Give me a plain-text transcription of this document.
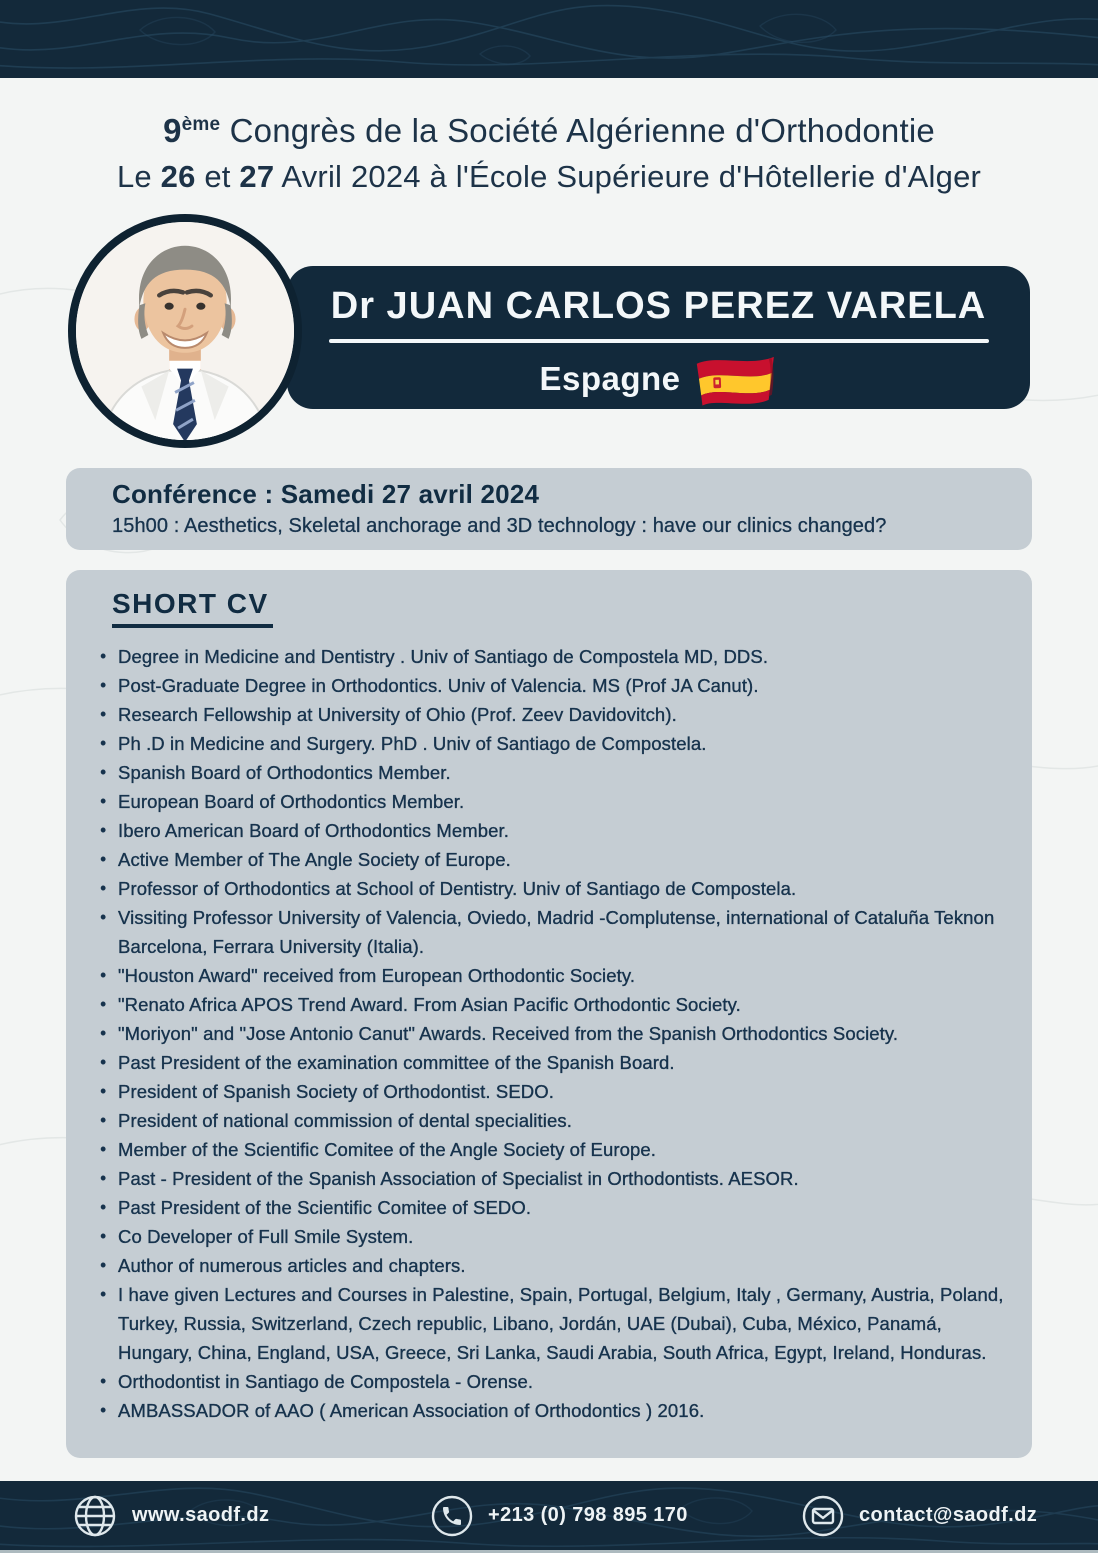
9ème Congrès de la Société Algérienne d'Orthodontie
Le 26 et 27 Avril 2024 à l'École Supérieure d'Hôtellerie d'Alger
Dr JUAN CARLOS PEREZ VARELA
Espagne
Conférence : Samedi 27 avril 2024
15h00 : Aesthetics, Skeletal anchorage and 3D technology : have our clinics changed?
SHORT CV
• Degree in Medicine and Dentistry . Univ of Santiago de Compostela MD, DDS.
• Post-Graduate Degree in Orthodontics. Univ of Valencia. MS (Prof JA Canut).
• Research Fellowship at University of Ohio (Prof. Zeev Davidovitch).
• Ph .D in Medicine and Surgery. PhD . Univ of Santiago de Compostela.
• Spanish Board of Orthodontics Member.
• European Board of Orthodontics Member.
• Ibero American Board of Orthodontics Member.
• Active Member of The Angle Society of Europe.
• Professor of Orthodontics at School of Dentistry. Univ of Santiago de Compostela.
• Vissiting Professor University of Valencia, Oviedo, Madrid -Complutense, international of Cataluña Teknon Barcelona, Ferrara University (Italia).
• "Houston Award" received from European Orthodontic Society.
• "Renato Africa APOS Trend Award. From Asian Pacific Orthodontic Society.
• "Moriyon" and "Jose Antonio Canut" Awards. Received from the Spanish Orthodontics Society.
• Past President of the examination committee of the Spanish Board.
• President of Spanish Society of Orthodontist. SEDO.
• President of national commission of dental specialities.
• Member of the Scientific Comitee of the Angle Society of Europe.
• Past - President of the Spanish Association of Specialist in Orthodontists. AESOR.
• Past President of the Scientific Comitee of SEDO.
• Co Developer of Full Smile System.
• Author of numerous articles and chapters.
• I have given Lectures and Courses in Palestine, Spain, Portugal, Belgium, Italy , Germany, Austria, Poland, Turkey, Russia, Switzerland, Czech republic, Libano, Jordán, UAE (Dubai), Cuba, México, Panamá, Hungary, China, England, USA, Greece, Sri Lanka, Saudi Arabia, South Africa, Egypt, Ireland, Honduras.
• Orthodontist in Santiago de Compostela - Orense.
• AMBASSADOR of AAO ( American Association of Orthodontics ) 2016.
www.saodf.dz	+213 (0) 798 895 170	contact@saodf.dz
